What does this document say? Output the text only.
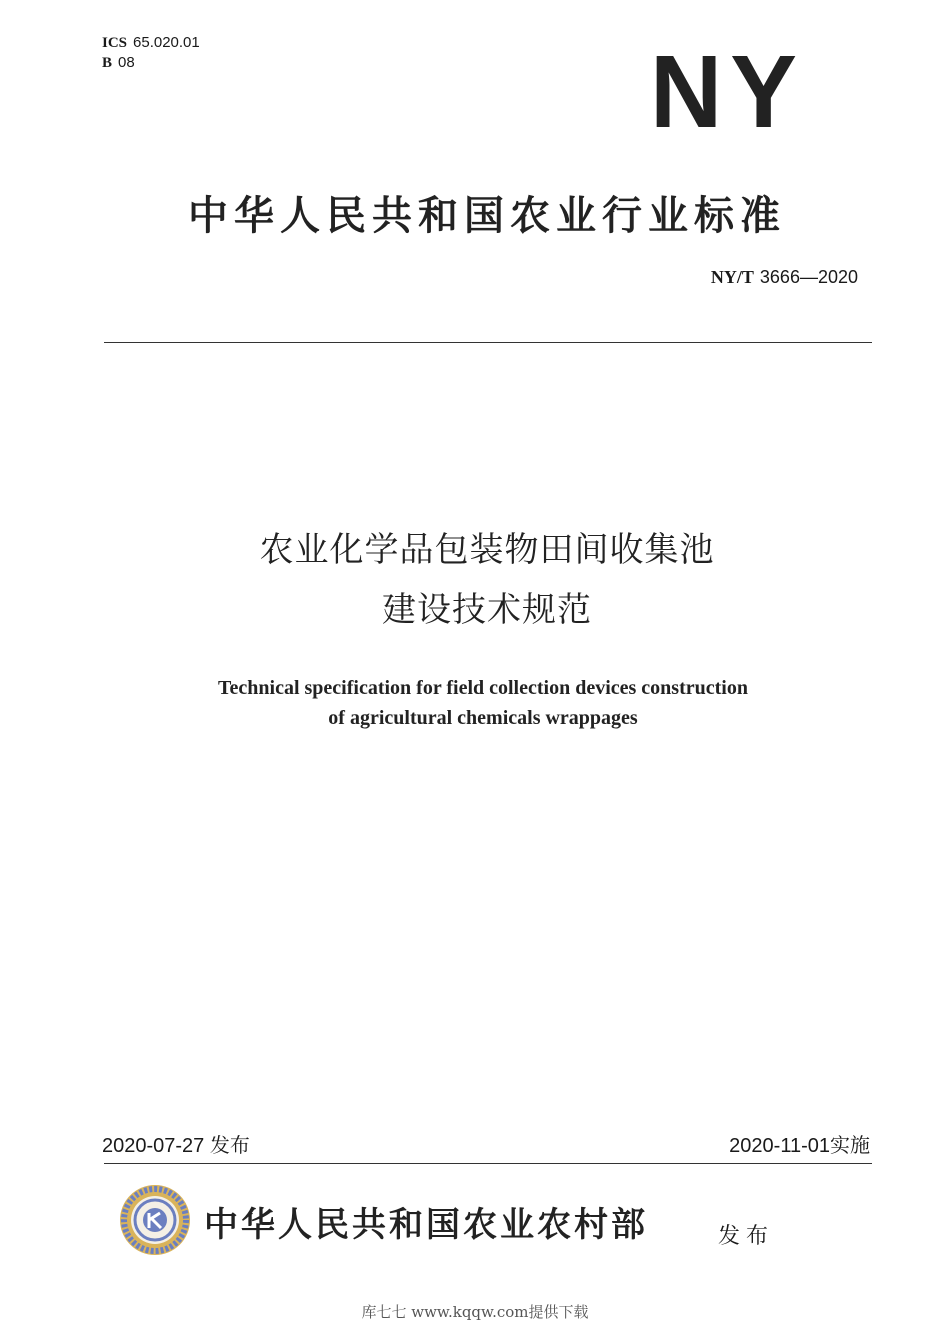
ICS 65.020.01
B 08	NY
中华人民共和国农业行业标准
NY/T 3666—2020
农业化学品包装物田间收集池
建设技术规范
Technical specification for field collection devices construction
of agricultural chemicals wrappages
2020-07-27 发布	2020-11-01实施
中华人民共和国农业农村部	发布
库七七 www.kqqw.com提供下载
